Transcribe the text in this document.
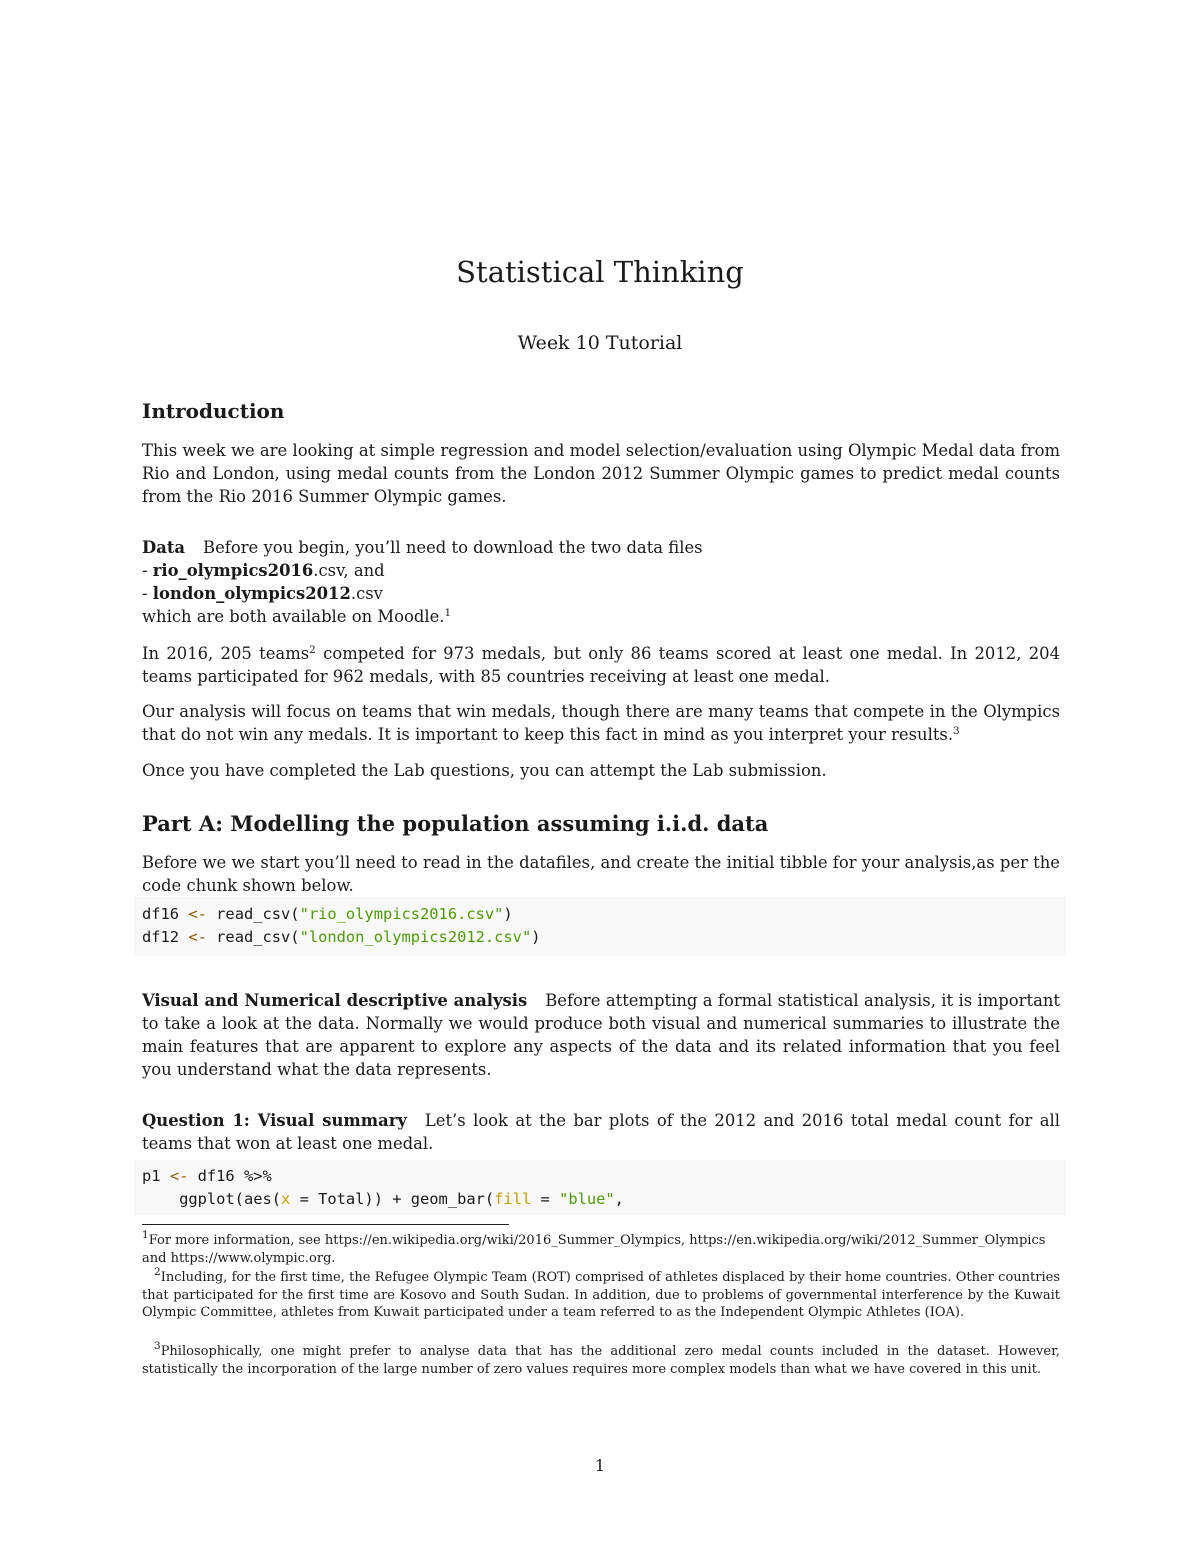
Statistical Thinking
Week 10 Tutorial
Introduction
This week we are looking at simple regression and model selection/evaluation using Olympic Medal data from Rio and London, using medal counts from the London 2012 Summer Olympic games to predict medal counts from the Rio 2016 Summer Olympic games.
Data Before you begin, you’ll need to download the two data files
- rio_olympics2016.csv, and
- london_olympics2012.csv
which are both available on Moodle.$^1$
In 2016, 205 teams$^2$ competed for 973 medals, but only 86 teams scored at least one medal. In 2012, 204 teams participated for 962 medals, with 85 countries receiving at least one medal.
Our analysis will focus on teams that win medals, though there are many teams that compete in the Olympics that do not win any medals. It is important to keep this fact in mind as you interpret your results.$^3$
Once you have completed the Lab questions, you can attempt the Lab submission.
Part A: Modelling the population assuming i.i.d. data
Before we we start you’ll need to read in the datafiles, and create the initial tibble for your analysis,as per the code chunk shown below.
df16 <- read_csv("rio_olympics2016.csv")
df12 <- read_csv("london_olympics2012.csv")
Visual and Numerical descriptive analysis Before attempting a formal statistical analysis, it is important to take a look at the data. Normally we would produce both visual and numerical summaries to illustrate the main features that are apparent to explore any aspects of the data and its related information that you feel you understand what the data represents.
Question 1: Visual summary Let’s look at the bar plots of the 2012 and 2016 total medal count for all teams that won at least one medal.
p1 <- df16 %>%
ggplot(aes(x = Total)) + geom_bar(fill = "blue",
$^1$For more information, see https://en.wikipedia.org/wiki/2016_Summer_Olympics, https://en.wikipedia.org/wiki/2012_Summer_Olympics
and https://www.olympic.org.
$^2$Including, for the first time, the Refugee Olympic Team (ROT) comprised of athletes displaced by their home countries. Other countries that participated for the first time are Kosovo and South Sudan. In addition, due to problems of governmental interference by the Kuwait Olympic Committee, athletes from Kuwait participated under a team referred to as the Independent Olympic Athletes (IOA).
$^3$Philosophically, one might prefer to analyse data that has the additional zero medal counts included in the dataset. However, statistically the incorporation of the large number of zero values requires more complex models than what we have covered in this unit.
1
